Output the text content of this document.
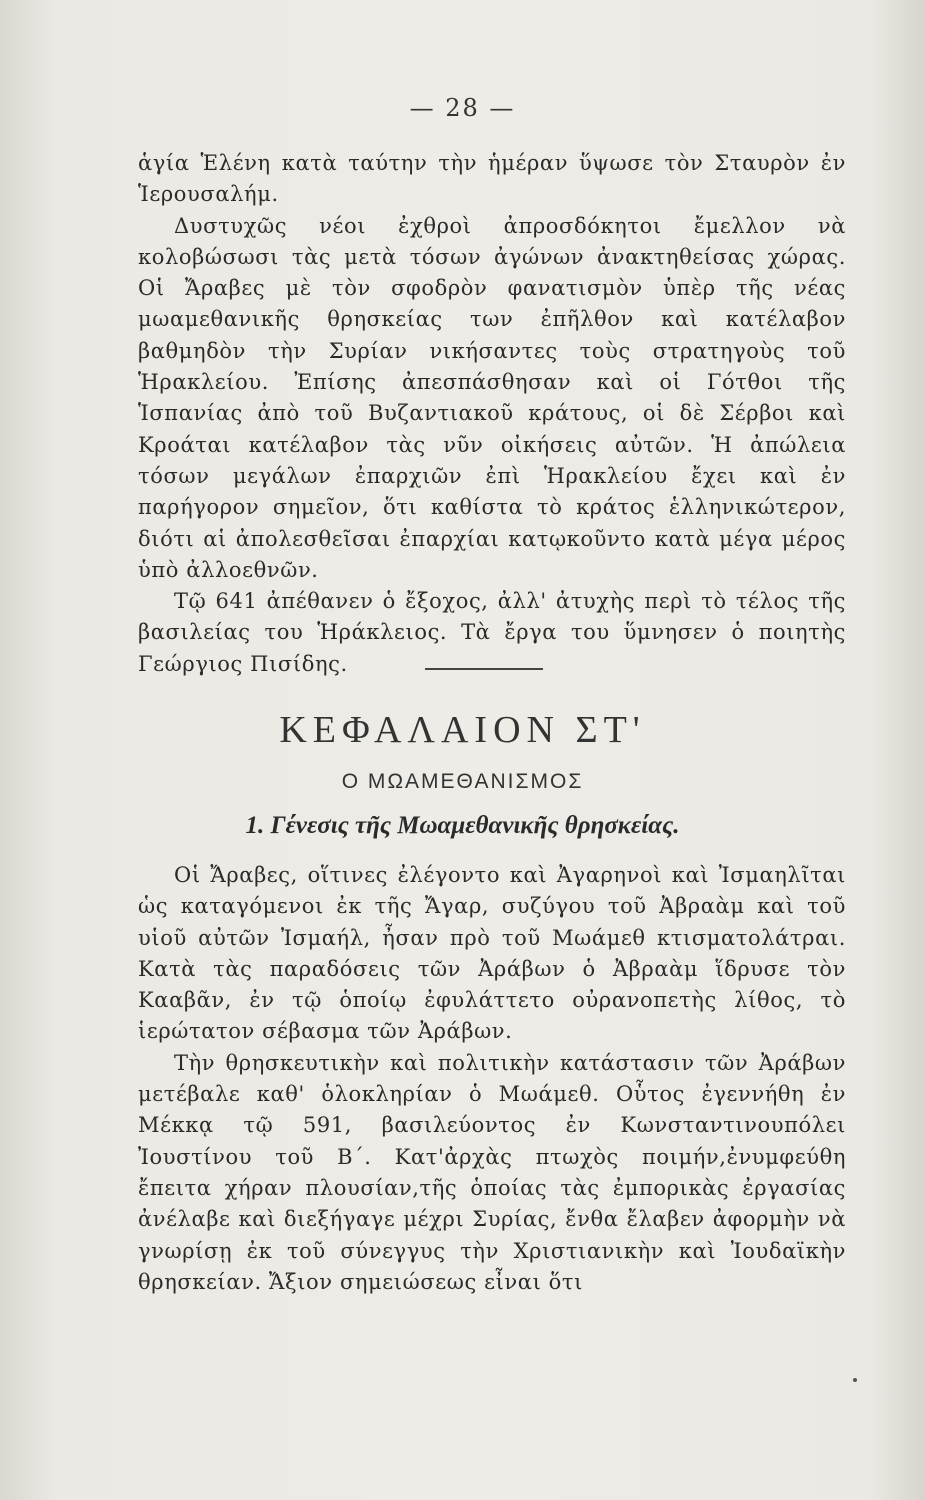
— 28 —

ἁγία Ἑλένη κατὰ ταύτην τὴν ἡμέραν ὕψωσε τὸν Σταυρὸν ἐν Ἱερουσαλήμ.

Δυστυχῶς νέοι ἐχθροὶ ἀπροσδόκητοι ἔμελλον νὰ κολοβώσωσι τὰς μετὰ τόσων ἀγώνων ἀνακτηθείσας χώρας. Οἱ Ἄραβες μὲ τὸν σφοδρὸν φανατισμὸν ὑπὲρ τῆς νέας μωαμεθανικῆς θρησκείας των ἐπῆλθον καὶ κατέλαβον βαθμηδὸν τὴν Συρίαν νικήσαντες τοὺς στρατηγοὺς τοῦ Ἡρακλείου. Ἐπίσης ἀπεσπάσθησαν καὶ οἱ Γότθοι τῆς Ἱσπανίας ἀπὸ τοῦ Βυζαντιακοῦ κράτους, οἱ δὲ Σέρβοι καὶ Κροάται κατέλαβον τὰς νῦν οἰκήσεις αὐτῶν. Ἡ ἀπώλεια τόσων μεγάλων ἐπαρχιῶν ἐπὶ Ἡρακλείου ἔχει καὶ ἐν παρήγορον σημεῖον, ὅτι καθίστα τὸ κράτος ἑλληνικώτερον, διότι αἱ ἀπολεσθεῖσαι ἐπαρχίαι κατῳκοῦντο κατὰ μέγα μέρος ὑπὸ ἀλλοεθνῶν.

Τῷ 641 ἀπέθανεν ὁ ἔξοχος, ἀλλ' ἀτυχὴς περὶ τὸ τέλος τῆς βασιλείας του Ἡράκλειος. Τὰ ἔργα του ὕμνησεν ὁ ποιητὴς Γεώργιος Πισίδης.

ΚΕΦΑΛΑΙΟΝ ΣΤ'
Ο ΜΩΑΜΕΘΑΝΙΣΜΟΣ
1. Γένεσις τῆς Μωαμεθανικῆς θρησκείας.

Οἱ Ἄραβες, οἵτινες ἐλέγοντο καὶ Ἀγαρηνοὶ καὶ Ἰσμαηλῖται ὡς καταγόμενοι ἐκ τῆς Ἄγαρ, συζύγου τοῦ Ἀβραὰμ καὶ τοῦ υἱοῦ αὐτῶν Ἰσμαήλ, ἦσαν πρὸ τοῦ Μωάμεθ κτισματολάτραι. Κατὰ τὰς παραδόσεις τῶν Ἀράβων ὁ Ἀβραὰμ ἵδρυσε τὸν Κααβᾶν, ἐν τῷ ὁποίῳ ἐφυλάττετο οὐρανοπετὴς λίθος, τὸ ἱερώτατον σέβασμα τῶν Ἀράβων.

Τὴν θρησκευτικὴν καὶ πολιτικὴν κατάστασιν τῶν Ἀράβων μετέβαλε καθ' ὁλοκληρίαν ὁ Μωάμεθ. Οὗτος ἐγεννήθη ἐν Μέκκᾳ τῷ 591, βασιλεύοντος ἐν Κωνσταντινουπόλει Ἰουστίνου τοῦ Β΄. Κατ'ἀρχὰς πτωχὸς ποιμήν,ἐνυμφεύθη ἔπειτα χήραν πλουσίαν,τῆς ὁποίας τὰς ἐμπορικὰς ἐργασίας ἀνέλαβε καὶ διεξήγαγε μέχρι Συρίας, ἔνθα ἔλαβεν ἀφορμὴν νὰ γνωρίσῃ ἐκ τοῦ σύνεγγυς τὴν Χριστιανικὴν καὶ Ἰουδαϊκὴν θρησκείαν. Ἄξιον σημειώσεως εἶναι ὅτι
